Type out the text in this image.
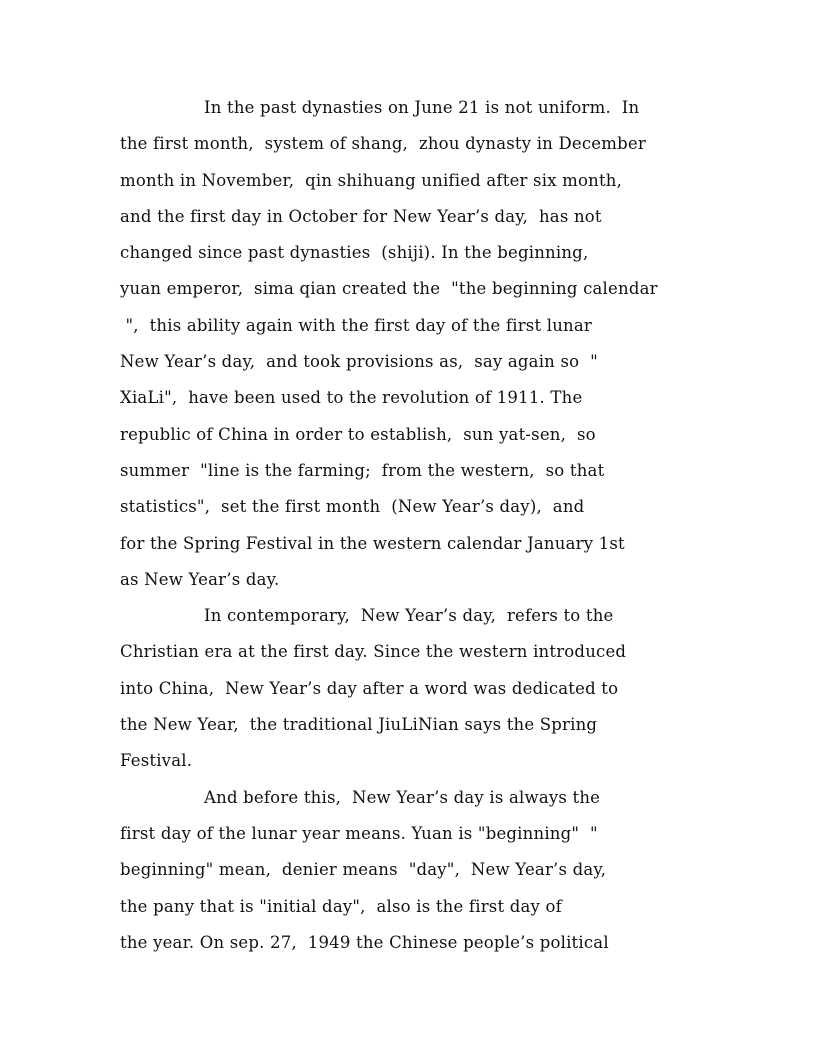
In the past dynasties on June 21 is not uniform.  In
the first month,  system of shang,  zhou dynasty in December
month in November,  qin shihuang unified after six month,
and the first day in October for New Year’s day,  has not
changed since past dynasties  (shiji). In the beginning,
yuan emperor,  sima qian created the  "the beginning calendar
",  this ability again with the first day of the first lunar
New Year’s day,  and took provisions as,  say again so  "
XiaLi",  have been used to the revolution of 1911. The
republic of China in order to establish,  sun yat-sen,  so
summer  "line is the farming;  from the western,  so that
statistics",  set the first month  (New Year’s day),  and
for the Spring Festival in the western calendar January 1st
as New Year’s day.
In contemporary,  New Year’s day,  refers to the
Christian era at the first day. Since the western introduced
into China,  New Year’s day after a word was dedicated to
the New Year,  the traditional JiuLiNian says the Spring
Festival.
And before this,  New Year’s day is always the
first day of the lunar year means. Yuan is "beginning"  "
beginning" mean,  denier means  "day",  New Year’s day,
the pany that is "initial day",  also is the first day of
the year. On sep. 27,  1949 the Chinese people’s political
